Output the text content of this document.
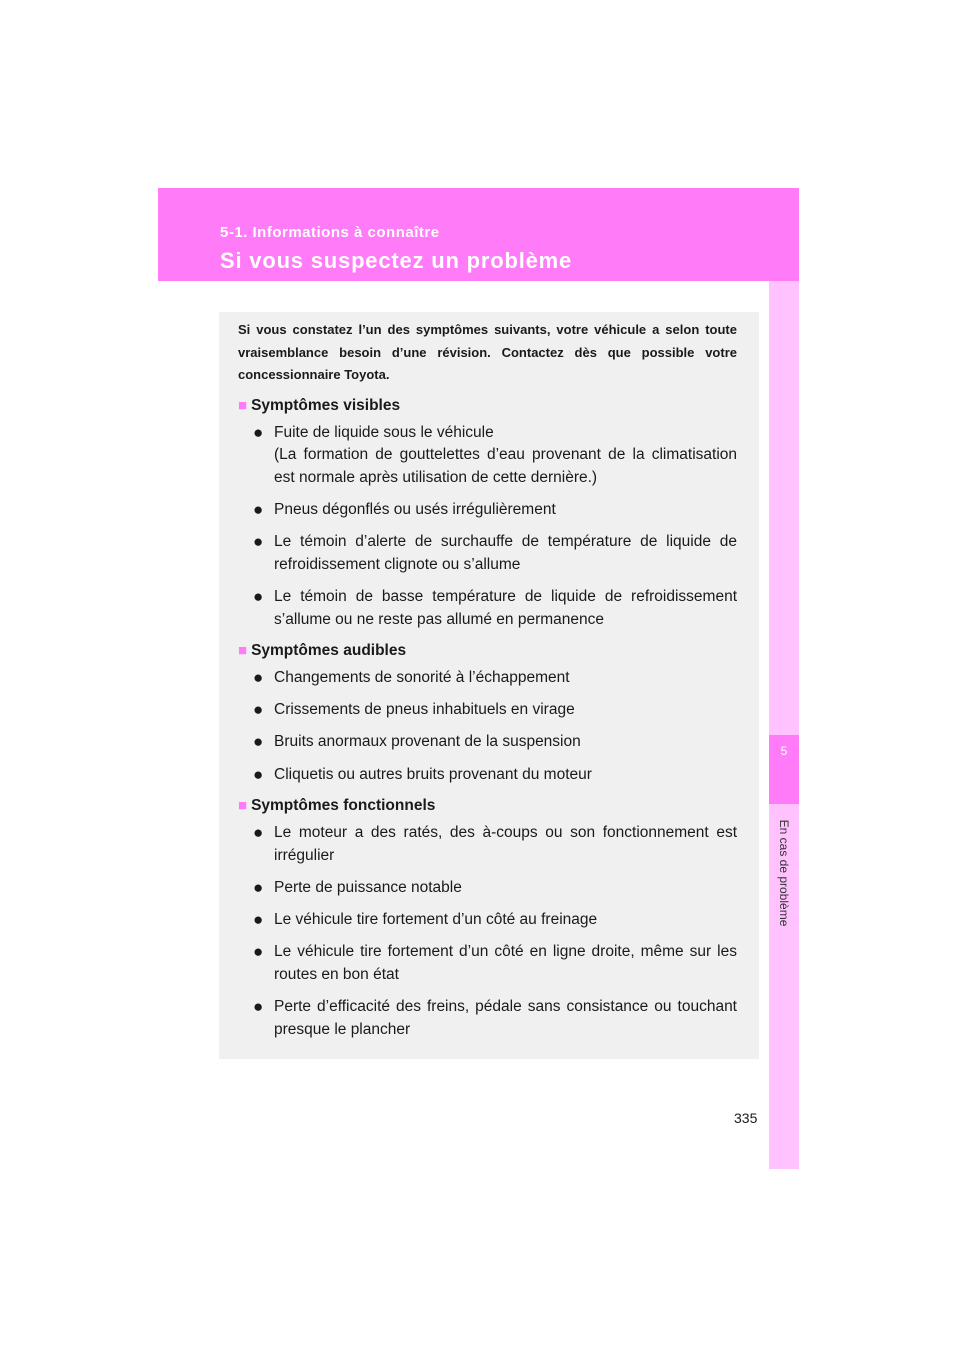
5-1. Informations à connaître
Si vous suspectez un problème
5
En cas de problème
Si vous constatez l’un des symptômes suivants, votre véhicule a selon toute vraisemblance besoin d’une révision. Contactez dès que possible votre concessionnaire Toyota.
■ Symptômes visibles
● Fuite de liquide sous le véhicule
(La formation de gouttelettes d’eau provenant de la climatisation est normale après utilisation de cette dernière.)
● Pneus dégonflés ou usés irrégulièrement
● Le témoin d’alerte de surchauffe de température de liquide de refroidissement clignote ou s’allume
● Le témoin de basse température de liquide de refroidissement s’allume ou ne reste pas allumé en permanence
■ Symptômes audibles
● Changements de sonorité à l’échappement
● Crissements de pneus inhabituels en virage
● Bruits anormaux provenant de la suspension
● Cliquetis ou autres bruits provenant du moteur
■ Symptômes fonctionnels
● Le moteur a des ratés, des à-coups ou son fonctionnement est irrégulier
● Perte de puissance notable
● Le véhicule tire fortement d’un côté au freinage
● Le véhicule tire fortement d’un côté en ligne droite, même sur les routes en bon état
● Perte d’efficacité des freins, pédale sans consistance ou touchant presque le plancher
335
